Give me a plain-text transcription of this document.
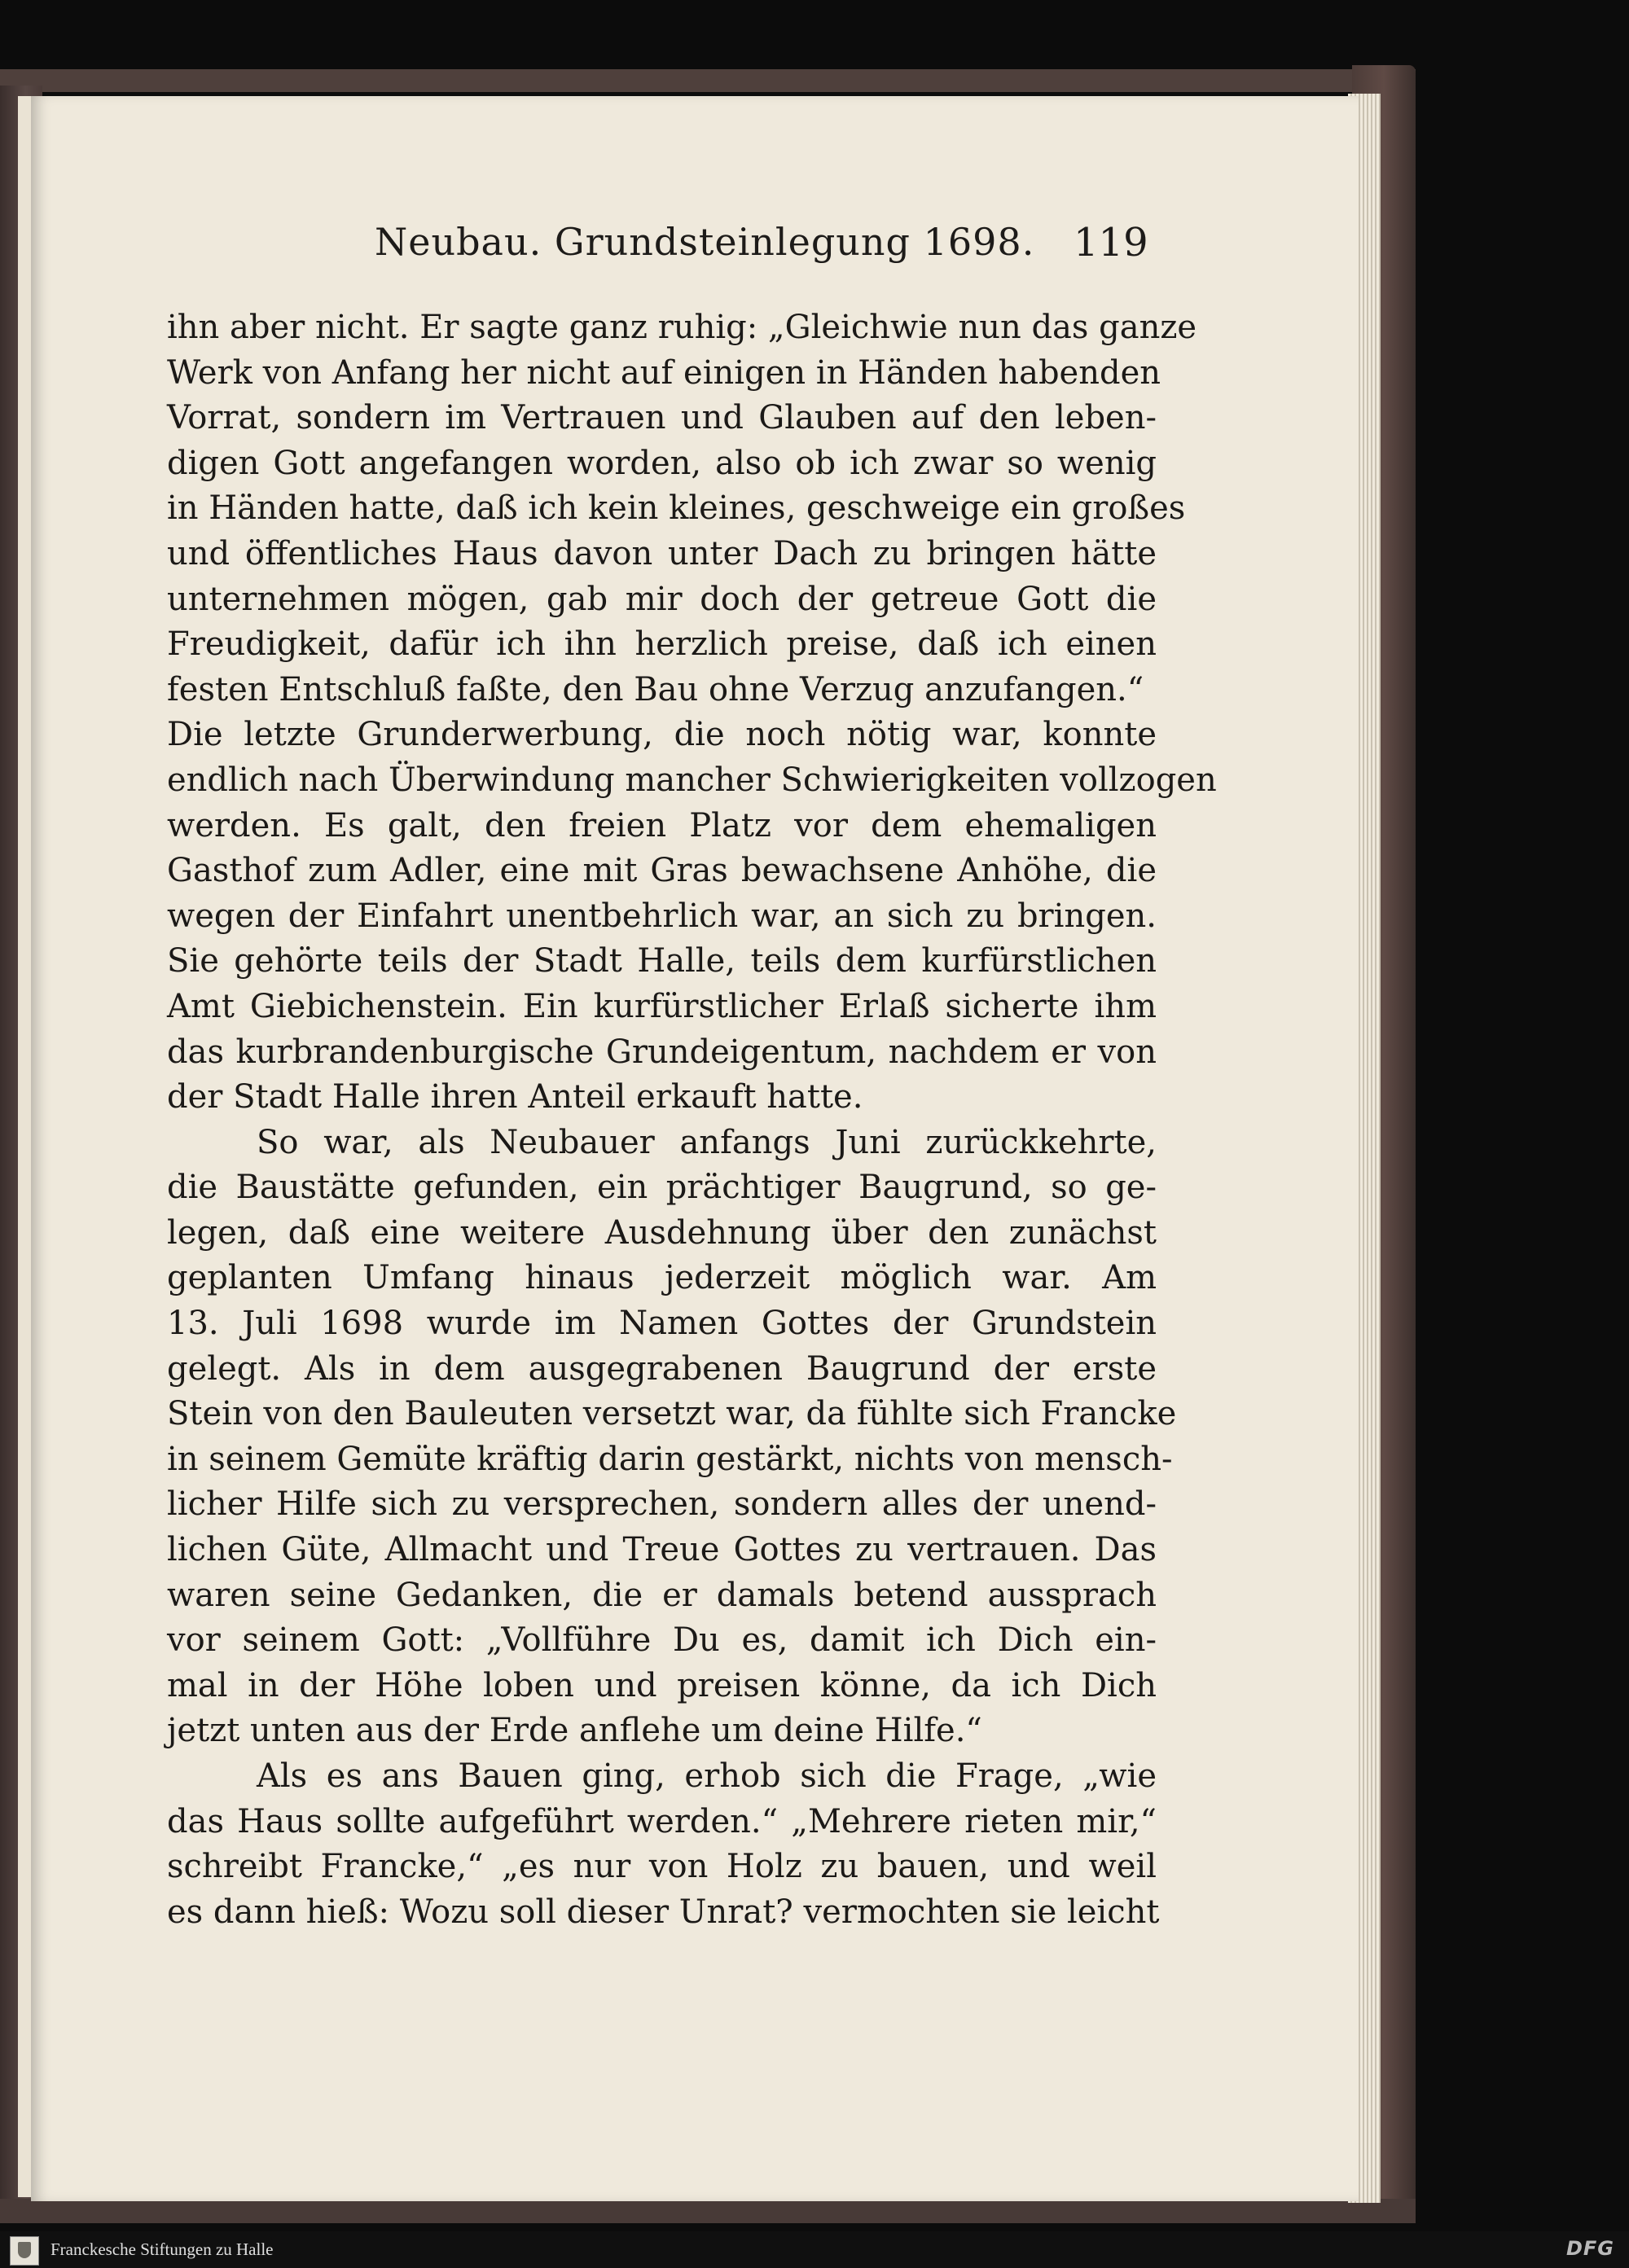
Neubau. Grundsteinlegung 1698. 119
ihn aber nicht. Er sagte ganz ruhig: „Gleichwie nun das ganze
Werk von Anfang her nicht auf einigen in Händen habenden
Vorrat, sondern im Vertrauen und Glauben auf den leben-
digen Gott angefangen worden, also ob ich zwar so wenig
in Händen hatte, daß ich kein kleines, geschweige ein großes
und öffentliches Haus davon unter Dach zu bringen hätte
unternehmen mögen, gab mir doch der getreue Gott die
Freudigkeit, dafür ich ihn herzlich preise, daß ich einen
festen Entschluß faßte, den Bau ohne Verzug anzufangen.“
Die letzte Grunderwerbung, die noch nötig war, konnte
endlich nach Überwindung mancher Schwierigkeiten vollzogen
werden. Es galt, den freien Platz vor dem ehemaligen
Gasthof zum Adler, eine mit Gras bewachsene Anhöhe, die
wegen der Einfahrt unentbehrlich war, an sich zu bringen.
Sie gehörte teils der Stadt Halle, teils dem kurfürstlichen
Amt Giebichenstein. Ein kurfürstlicher Erlaß sicherte ihm
das kurbrandenburgische Grundeigentum, nachdem er von
der Stadt Halle ihren Anteil erkauft hatte.
So war, als Neubauer anfangs Juni zurückkehrte,
die Baustätte gefunden, ein prächtiger Baugrund, so ge-
legen, daß eine weitere Ausdehnung über den zunächst
geplanten Umfang hinaus jederzeit möglich war. Am
13. Juli 1698 wurde im Namen Gottes der Grundstein
gelegt. Als in dem ausgegrabenen Baugrund der erste
Stein von den Bauleuten versetzt war, da fühlte sich Francke
in seinem Gemüte kräftig darin gestärkt, nichts von mensch-
licher Hilfe sich zu versprechen, sondern alles der unend-
lichen Güte, Allmacht und Treue Gottes zu vertrauen. Das
waren seine Gedanken, die er damals betend aussprach
vor seinem Gott: „Vollführe Du es, damit ich Dich ein-
mal in der Höhe loben und preisen könne, da ich Dich
jetzt unten aus der Erde anflehe um deine Hilfe.“
Als es ans Bauen ging, erhob sich die Frage, „wie
das Haus sollte aufgeführt werden.“ „Mehrere rieten mir,“
schreibt Francke,“ „es nur von Holz zu bauen, und weil
es dann hieß: Wozu soll dieser Unrat? vermochten sie leicht
Franckesche Stiftungen zu Halle	DFG
